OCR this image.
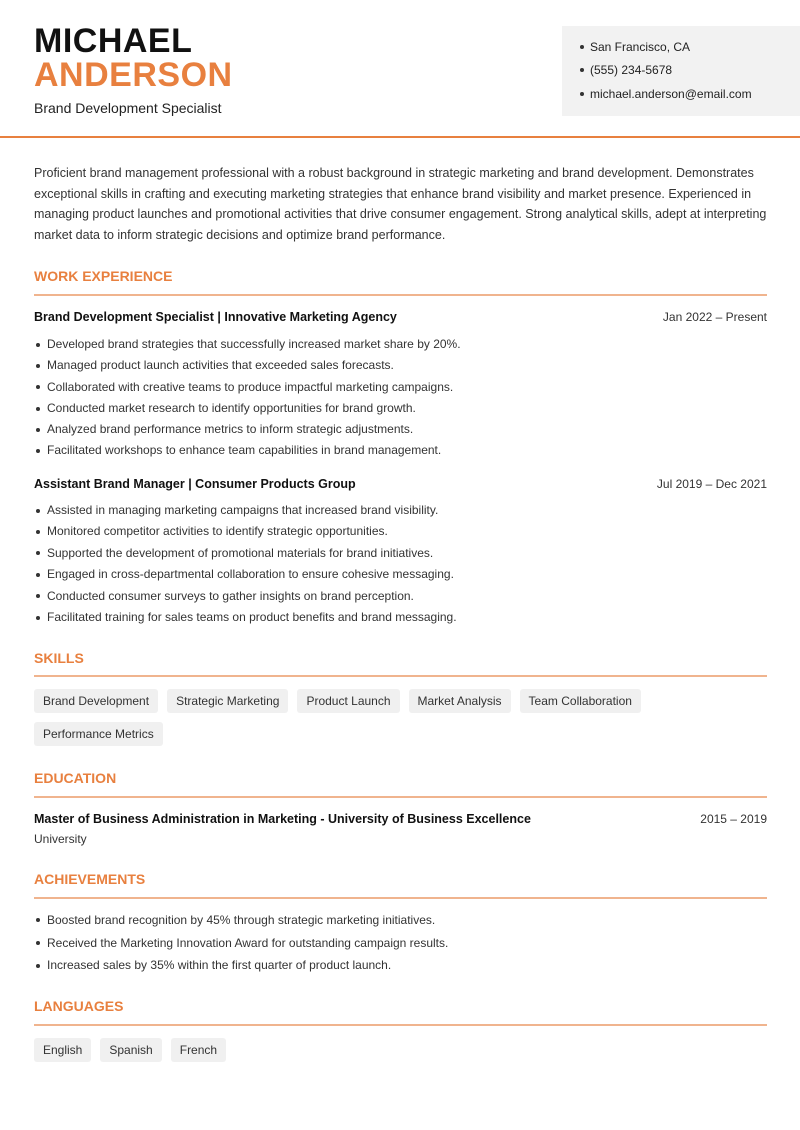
MICHAEL
ANDERSON
Brand Development Specialist
San Francisco, CA
(555) 234-5678
michael.anderson@email.com

Proficient brand management professional with a robust background in strategic marketing and brand development. Demonstrates exceptional skills in crafting and executing marketing strategies that enhance brand visibility and market presence. Experienced in managing product launches and promotional activities that drive consumer engagement. Strong analytical skills, adept at interpreting market data to inform strategic decisions and optimize brand performance.

WORK EXPERIENCE
Brand Development Specialist | Innovative Marketing Agency	Jan 2022 – Present
Developed brand strategies that successfully increased market share by 20%.
Managed product launch activities that exceeded sales forecasts.
Collaborated with creative teams to produce impactful marketing campaigns.
Conducted market research to identify opportunities for brand growth.
Analyzed brand performance metrics to inform strategic adjustments.
Facilitated workshops to enhance team capabilities in brand management.
Assistant Brand Manager | Consumer Products Group	Jul 2019 – Dec 2021
Assisted in managing marketing campaigns that increased brand visibility.
Monitored competitor activities to identify strategic opportunities.
Supported the development of promotional materials for brand initiatives.
Engaged in cross-departmental collaboration to ensure cohesive messaging.
Conducted consumer surveys to gather insights on brand perception.
Facilitated training for sales teams on product benefits and brand messaging.
SKILLS
Brand Development	Strategic Marketing	Product Launch	Market Analysis	Team Collaboration
Performance Metrics
EDUCATION
Master of Business Administration in Marketing - University of Business Excellence	2015 – 2019
University
ACHIEVEMENTS
Boosted brand recognition by 45% through strategic marketing initiatives.
Received the Marketing Innovation Award for outstanding campaign results.
Increased sales by 35% within the first quarter of product launch.
LANGUAGES
English	Spanish	French
